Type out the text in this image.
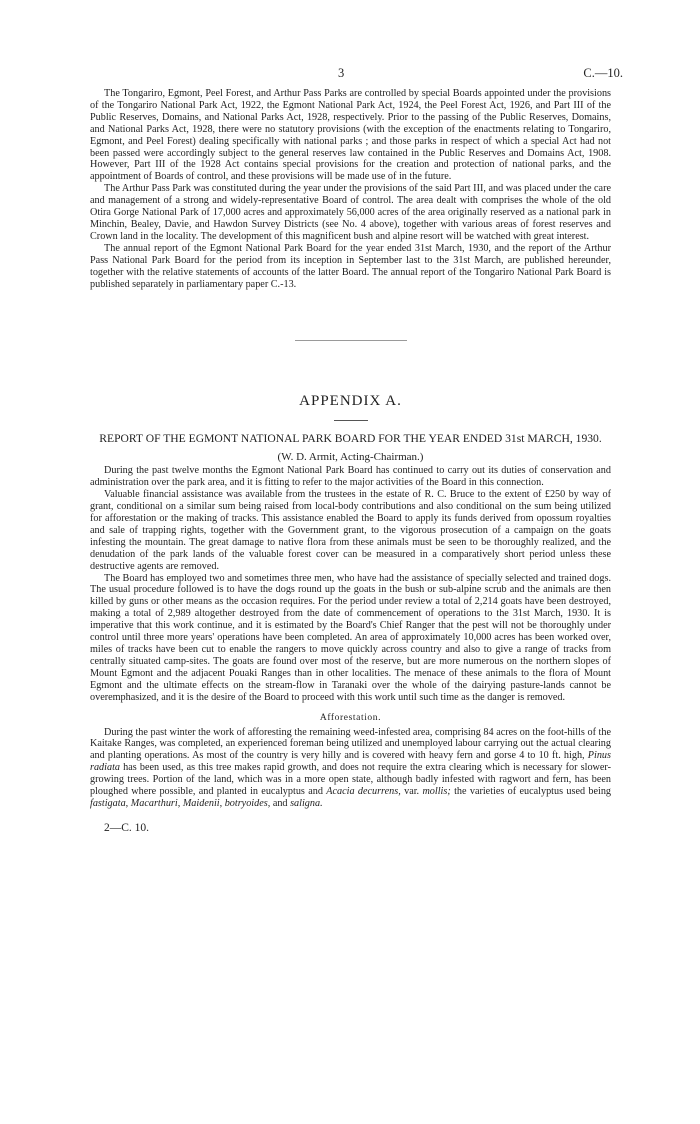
3	C.—10.

The Tongariro, Egmont, Peel Forest, and Arthur Pass Parks are controlled by special Boards appointed under the provisions of the Tongariro National Park Act, 1922, the Egmont National Park Act, 1924, the Peel Forest Act, 1926, and Part III of the Public Reserves, Domains, and National Parks Act, 1928, respectively. Prior to the passing of the Public Reserves, Domains, and National Parks Act, 1928, there were no statutory provisions (with the exception of the enactments relating to Tongariro, Egmont, and Peel Forest) dealing specifically with national parks ; and those parks in respect of which a special Act had not been passed were accordingly subject to the general reserves law contained in the Public Reserves and Domains Act, 1908. However, Part III of the 1928 Act contains special provisions for the creation and protection of national parks, and the appointment of Boards of control, and these provisions will be made use of in the future.

The Arthur Pass Park was constituted during the year under the provisions of the said Part III, and was placed under the care and management of a strong and widely-representative Board of control. The area dealt with comprises the whole of the old Otira Gorge National Park of 17,000 acres and approximately 56,000 acres of the area originally reserved as a national park in Minchin, Bealey, Davie, and Hawdon Survey Districts (see No. 4 above), together with various areas of forest reserves and Crown land in the locality. The development of this magnificent bush and alpine resort will be watched with great interest.

The annual report of the Egmont National Park Board for the year ended 31st March, 1930, and the report of the Arthur Pass National Park Board for the period from its inception in September last to the 31st March, are published hereunder, together with the relative statements of accounts of the latter Board. The annual report of the Tongariro National Park Board is published separately in parliamentary paper C.-13.

APPENDIX A.
REPORT OF THE EGMONT NATIONAL PARK BOARD FOR THE YEAR ENDED 31st MARCH, 1930.
(W. D. Armit, Acting-Chairman.)

During the past twelve months the Egmont National Park Board has continued to carry out its duties of conservation and administration over the park area, and it is fitting to refer to the major activities of the Board in this connection.

Valuable financial assistance was available from the trustees in the estate of R. C. Bruce to the extent of £250 by way of grant, conditional on a similar sum being raised from local-body contributions and also conditional on the sum being utilized for afforestation or the making of tracks. This assistance enabled the Board to apply its funds derived from opossum royalties and sale of trapping rights, together with the Government grant, to the vigorous prosecution of a campaign on the goats infesting the mountain. The great damage to native flora from these animals must be seen to be thoroughly realized, and the denudation of the park lands of the valuable forest cover can be measured in a comparatively short period unless these destructive agents are removed.

The Board has employed two and sometimes three men, who have had the assistance of specially selected and trained dogs. The usual procedure followed is to have the dogs round up the goats in the bush or sub-alpine scrub and the animals are then killed by guns or other means as the occasion requires. For the period under review a total of 2,214 goats have been destroyed, making a total of 2,989 altogether destroyed from the date of commencement of operations to the 31st March, 1930. It is imperative that this work continue, and it is estimated by the Board's Chief Ranger that the pest will not be thoroughly under control until three more years' operations have been completed. An area of approximately 10,000 acres has been worked over, miles of tracks have been cut to enable the rangers to move quickly across country and also to give a range of tracks from centrally situated camp-sites. The goats are found over most of the reserve, but are more numerous on the northern slopes of Mount Egmont and the adjacent Pouaki Ranges than in other localities. The menace of these animals to the flora of Mount Egmont and the ultimate effects on the stream-flow in Taranaki over the whole of the dairying pasture-lands cannot be overemphasized, and it is the desire of the Board to proceed with this work until such time as the danger is removed.

Afforestation.

During the past winter the work of afforesting the remaining weed-infested area, comprising 84 acres on the foot-hills of the Kaitake Ranges, was completed, an experienced foreman being utilized and unemployed labour carrying out the actual clearing and planting operations. As most of the country is very hilly and is covered with heavy fern and gorse 4 to 10 ft. high, Pinus radiata has been used, as this tree makes rapid growth, and does not require the extra clearing which is necessary for slower-growing trees. Portion of the land, which was in a more open state, although badly infested with ragwort and fern, has been ploughed where possible, and planted in eucalyptus and Acacia decurrens, var. mollis; the varieties of eucalyptus used being fastigata, Macarthuri, Maidenii, botryoides, and saligna.

2—C. 10.
